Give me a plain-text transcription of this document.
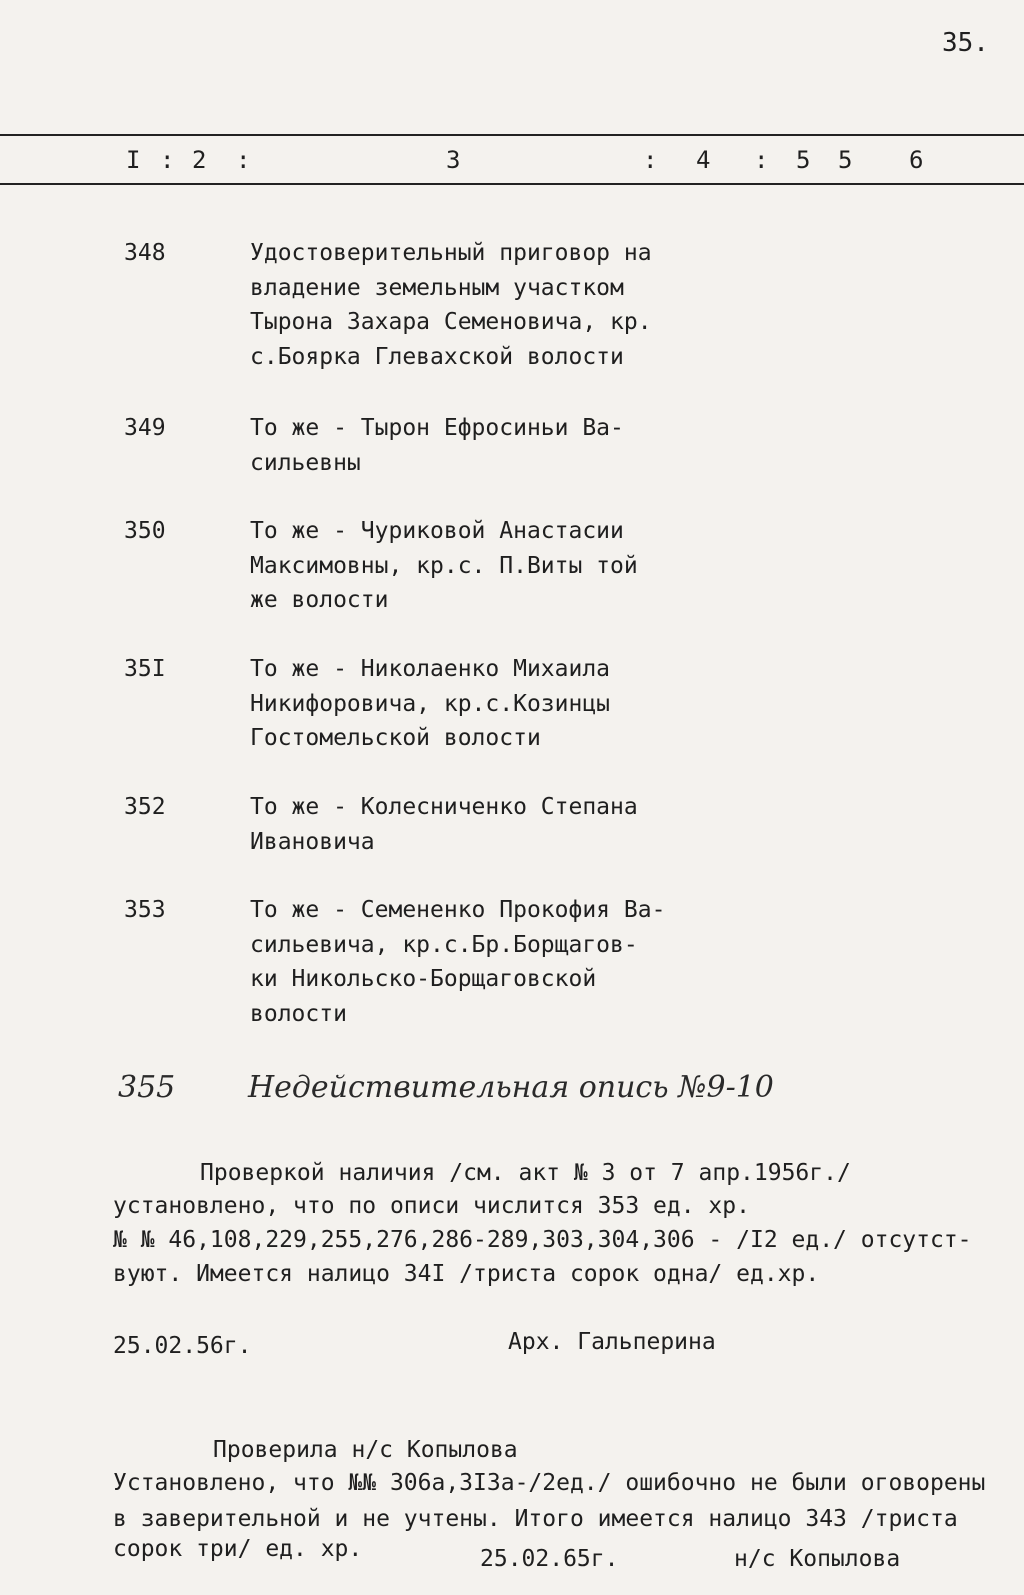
35.
I : 2 :	3	: 4 : 5 5 6
348	Удостоверительный приговор на
владение земельным участком
Тырона Захара Семеновича, кр.
с.Боярка Глевахской волости
349	То же - Тырон Ефросиньи Ва-
сильевны
350	То же - Чуриковой Анастасии
Максимовны, кр.с. П.Виты той
же волости
35I	То же - Николаенко Михаила
Никифоровича, кр.с.Козинцы
Гостомельской волости
352	То же - Колесниченко Степана
Ивановича
353	То же - Семененко Прокофия Ва-
сильевича, кр.с.Бр.Борщагов-
ки Никольско-Борщаговской
волости
355 Недействительная опись №9-10
Проверкой наличия /см. акт № 3 от 7 апр.1956г./
установлено, что по описи числится 353 ед. хр.
№ № 46,108,229,255,276,286-289,303,304,306 - /I2 ед./ отсутст-
вуют. Имеется налицо 34I /триста сорок одна/ ед.хр.
25.02.56г.	Арх. Гальперина
Проверила н/с Копылова
Установлено, что №№ 306а,3I3а-/2ед./ ошибочно не были оговорены
в заверительной и не учтены. Итого имеется налицо 343 /триста
сорок три/ ед. хр.	25.02.65г.	н/с Копылова
